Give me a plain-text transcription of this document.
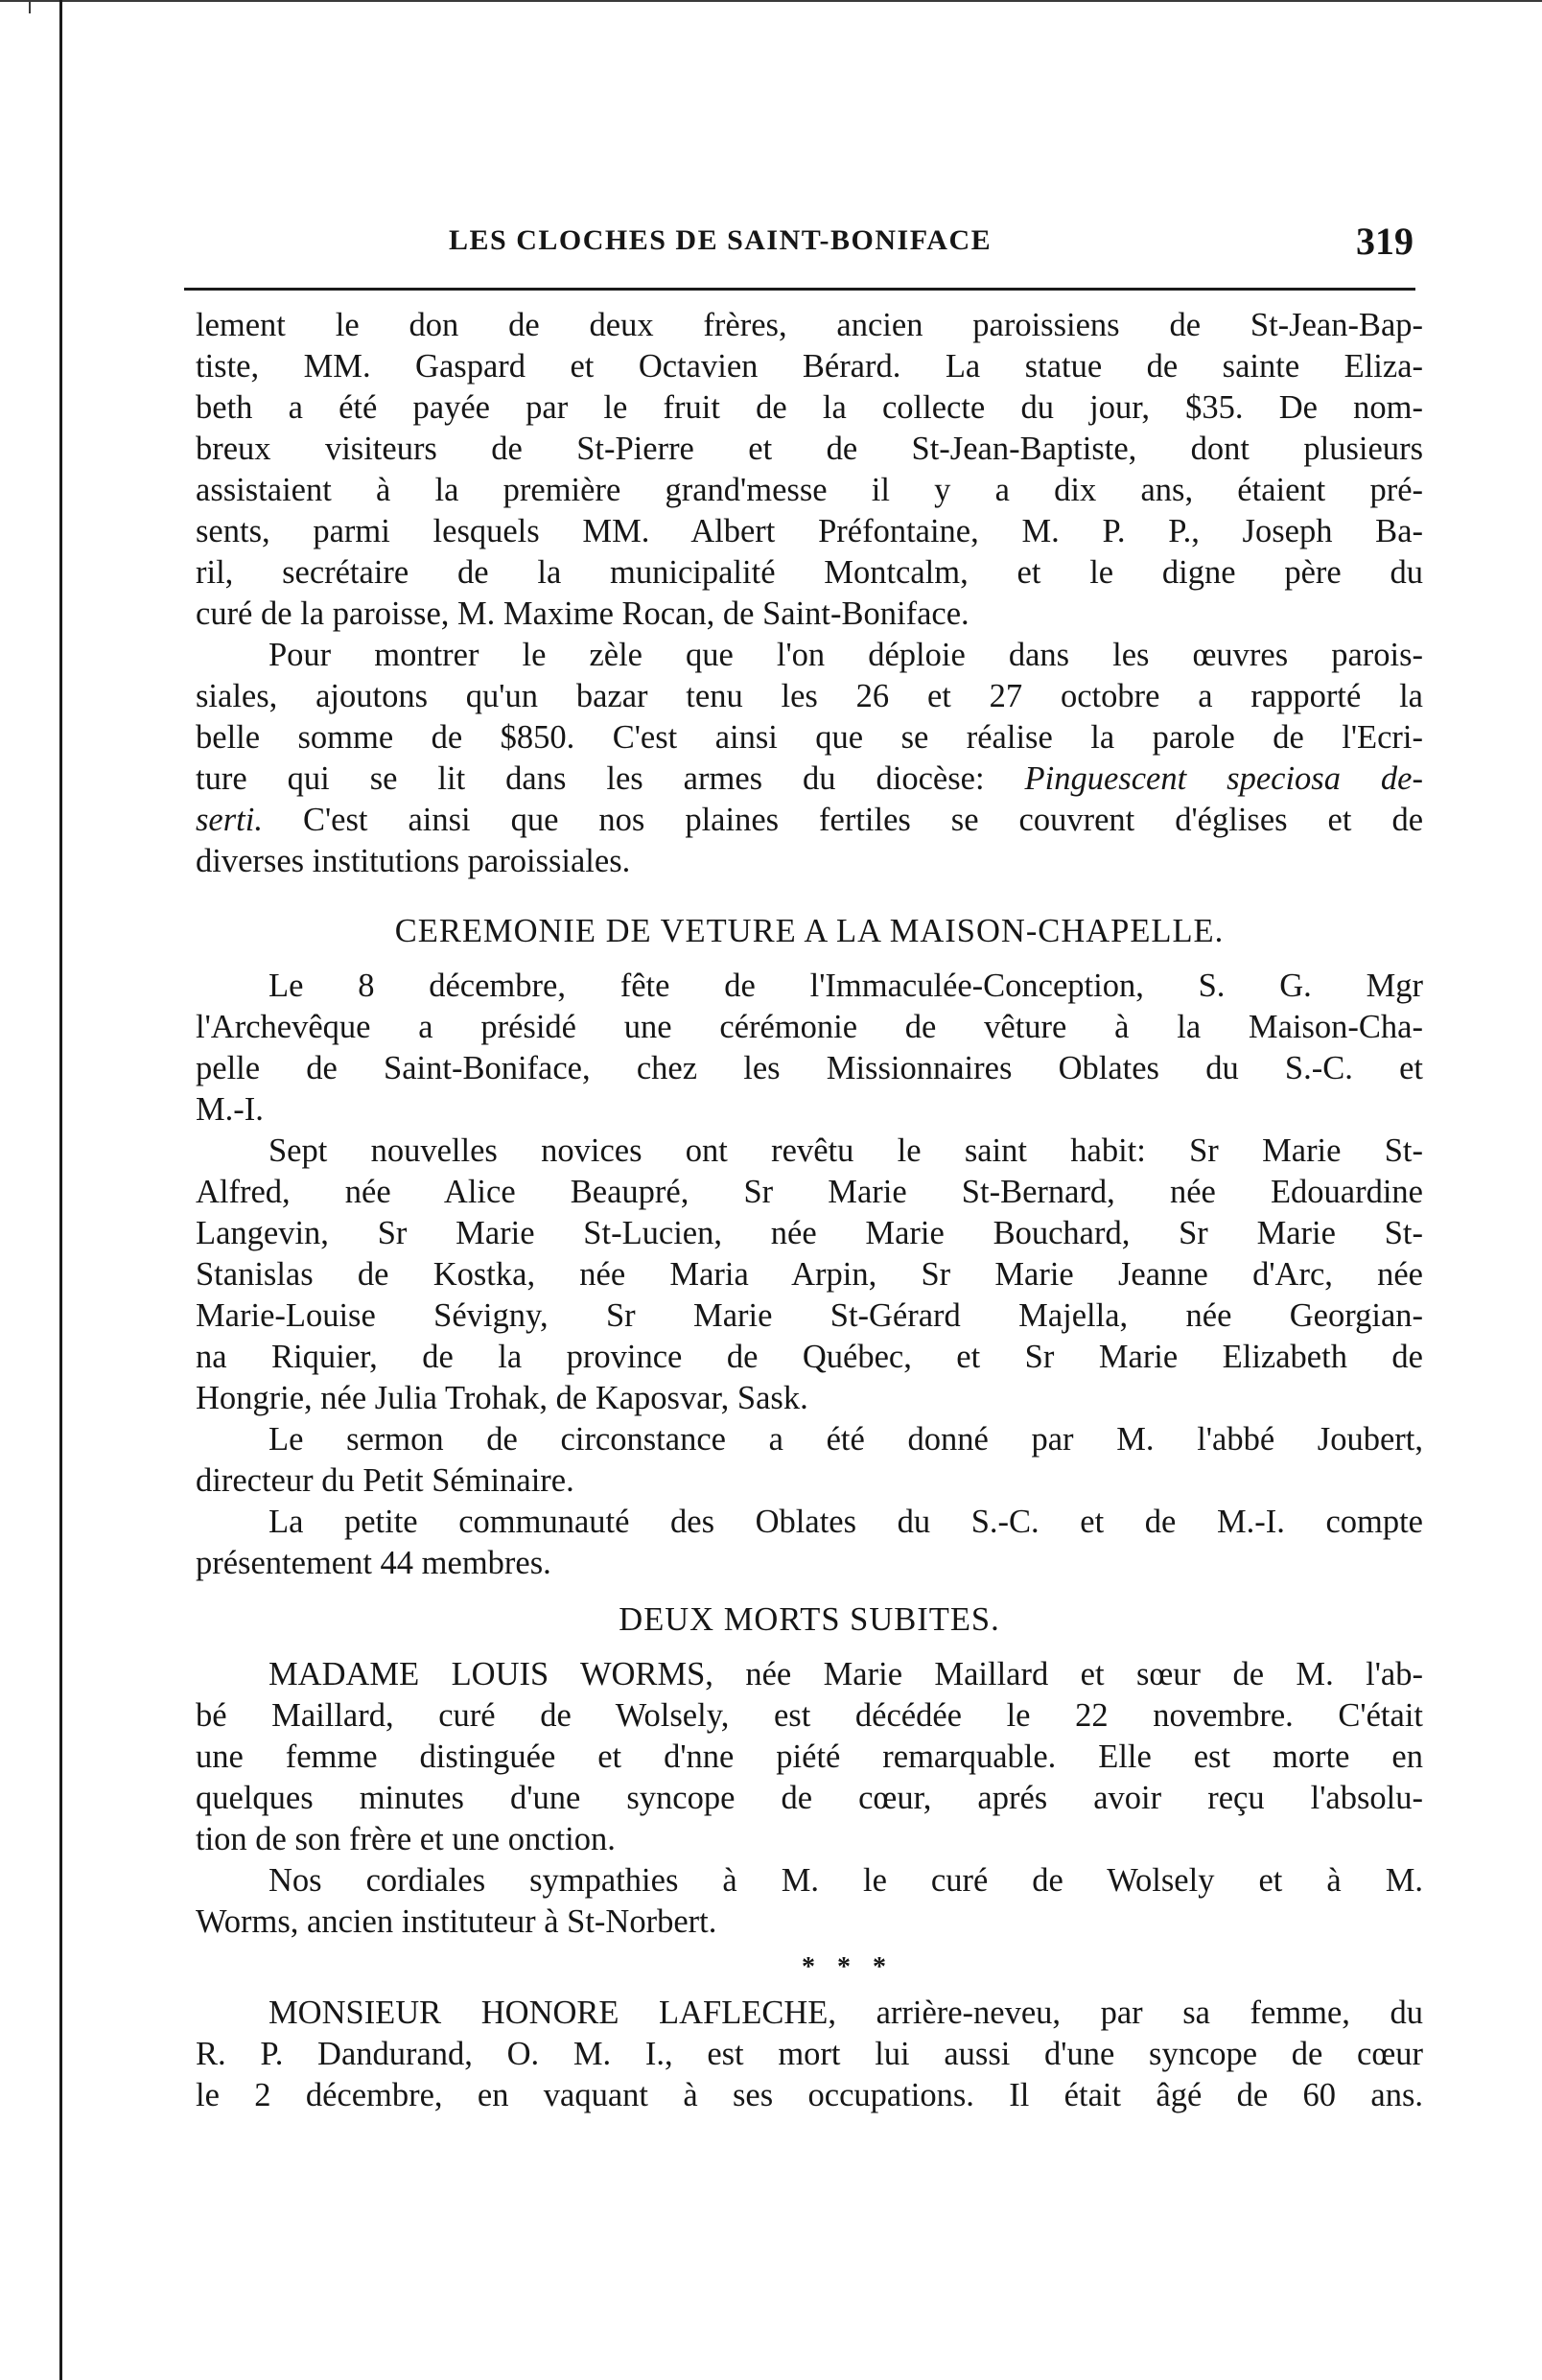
LES CLOCHES DE SAINT-BONIFACE	319
lement le don de deux frères, ancien paroissiens de St-Jean-Bap-
tiste, MM. Gaspard et Octavien Bérard. La statue de sainte Eliza-
beth a été payée par le fruit de la collecte du jour, $35. De nom-
breux visiteurs de St-Pierre et de St-Jean-Baptiste, dont plusieurs
assistaient à la première grand'messe il y a dix ans, étaient pré-
sents, parmi lesquels MM. Albert Préfontaine, M. P. P., Joseph Ba-
ril, secrétaire de la municipalité Montcalm, et le digne père du
curé de la paroisse, M. Maxime Rocan, de Saint-Boniface.
Pour montrer le zèle que l'on déploie dans les œuvres parois-
siales, ajoutons qu'un bazar tenu les 26 et 27 octobre a rapporté la
belle somme de $850. C'est ainsi que se réalise la parole de l'Ecri-
ture qui se lit dans les armes du diocèse: Pinguescent speciosa de-
serti. C'est ainsi que nos plaines fertiles se couvrent d'églises et de
diverses institutions paroissiales.
CEREMONIE DE VETURE A LA MAISON-CHAPELLE.
Le 8 décembre, fête de l'Immaculée-Conception, S. G. Mgr
l'Archevêque a présidé une cérémonie de vêture à la Maison-Cha-
pelle de Saint-Boniface, chez les Missionnaires Oblates du S.-C. et
M.-I.
Sept nouvelles novices ont revêtu le saint habit: Sr Marie St-
Alfred, née Alice Beaupré, Sr Marie St-Bernard, née Edouardine
Langevin, Sr Marie St-Lucien, née Marie Bouchard, Sr Marie St-
Stanislas de Kostka, née Maria Arpin, Sr Marie Jeanne d'Arc, née
Marie-Louise Sévigny, Sr Marie St-Gérard Majella, née Georgian-
na Riquier, de la province de Québec, et Sr Marie Elizabeth de
Hongrie, née Julia Trohak, de Kaposvar, Sask.
Le sermon de circonstance a été donné par M. l'abbé Joubert,
directeur du Petit Séminaire.
La petite communauté des Oblates du S.-C. et de M.-I. compte
présentement 44 membres.
DEUX MORTS SUBITES.
MADAME LOUIS WORMS, née Marie Maillard et sœur de M. l'ab-
bé Maillard, curé de Wolsely, est décédée le 22 novembre. C'était
une femme distinguée et d'nne piété remarquable. Elle est morte en
quelques minutes d'une syncope de cœur, aprés avoir reçu l'absolu-
tion de son frère et une onction.
Nos cordiales sympathies à M. le curé de Wolsely et à M.
Worms, ancien instituteur à St-Norbert.
* * *
MONSIEUR HONORE LAFLECHE, arrière-neveu, par sa femme, du
R. P. Dandurand, O. M. I., est mort lui aussi d'une syncope de cœur
le 2 décembre, en vaquant à ses occupations. Il était âgé de 60 ans.
